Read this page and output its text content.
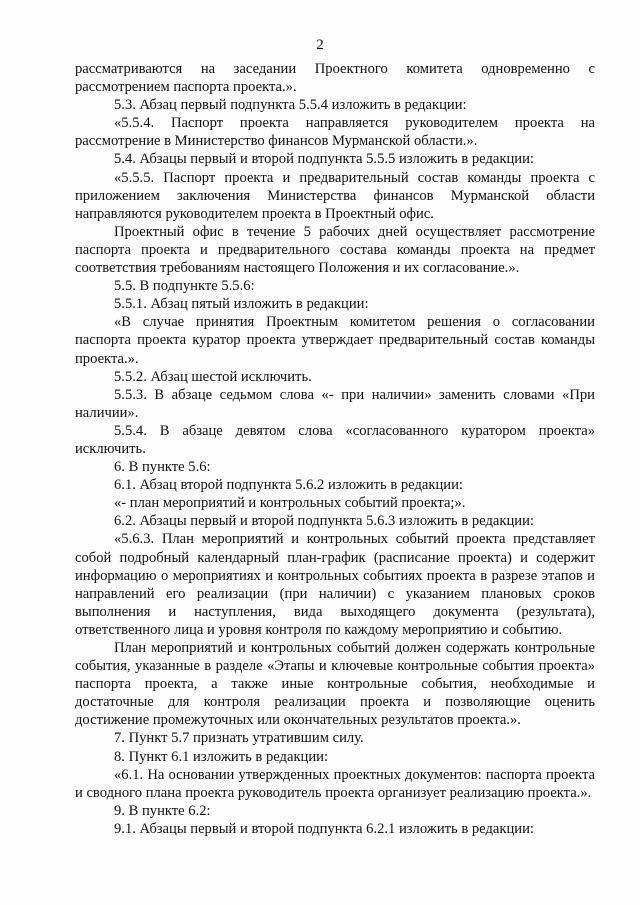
2

рассматриваются на заседании Проектного комитета одновременно с рассмотрением паспорта проекта.».

5.3. Абзац первый подпункта 5.5.4 изложить в редакции:

«5.5.4. Паспорт проекта направляется руководителем проекта на рассмотрение в Министерство финансов Мурманской области.».

5.4. Абзацы первый и второй подпункта 5.5.5 изложить в редакции:

«5.5.5. Паспорт проекта и предварительный состав команды проекта с приложением заключения Министерства финансов Мурманской области направляются руководителем проекта в Проектный офис.

Проектный офис в течение 5 рабочих дней осуществляет рассмотрение паспорта проекта и предварительного состава команды проекта на предмет соответствия требованиям настоящего Положения и их согласование.».

5.5. В подпункте 5.5.6:

5.5.1. Абзац пятый изложить в редакции:

«В случае принятия Проектным комитетом решения о согласовании паспорта проекта куратор проекта утверждает предварительный состав команды проекта.».

5.5.2. Абзац шестой исключить.

5.5.3. В абзаце седьмом слова «- при наличии» заменить словами «При наличии».

5.5.4. В абзаце девятом слова «согласованного куратором проекта» исключить.

6. В пункте 5.6:

6.1. Абзац второй подпункта 5.6.2 изложить в редакции:

«- план мероприятий и контрольных событий проекта;».

6.2. Абзацы первый и второй подпункта 5.6.3 изложить в редакции:

«5.6.3. План мероприятий и контрольных событий проекта представляет собой подробный календарный план-график (расписание проекта) и содержит информацию о мероприятиях и контрольных событиях проекта в разрезе этапов и направлений его реализации (при наличии) с указанием плановых сроков выполнения и наступления, вида выходящего документа (результата), ответственного лица и уровня контроля по каждому мероприятию и событию.

План мероприятий и контрольных событий должен содержать контрольные события, указанные в разделе «Этапы и ключевые контрольные события проекта» паспорта проекта, а также иные контрольные события, необходимые и достаточные для контроля реализации проекта и позволяющие оценить достижение промежуточных или окончательных результатов проекта.».

7. Пункт 5.7 признать утратившим силу.

8. Пункт 6.1 изложить в редакции:

«6.1. На основании утвержденных проектных документов: паспорта проекта и сводного плана проекта руководитель проекта организует реализацию проекта.».

9. В пункте 6.2:

9.1. Абзацы первый и второй подпункта 6.2.1 изложить в редакции:
